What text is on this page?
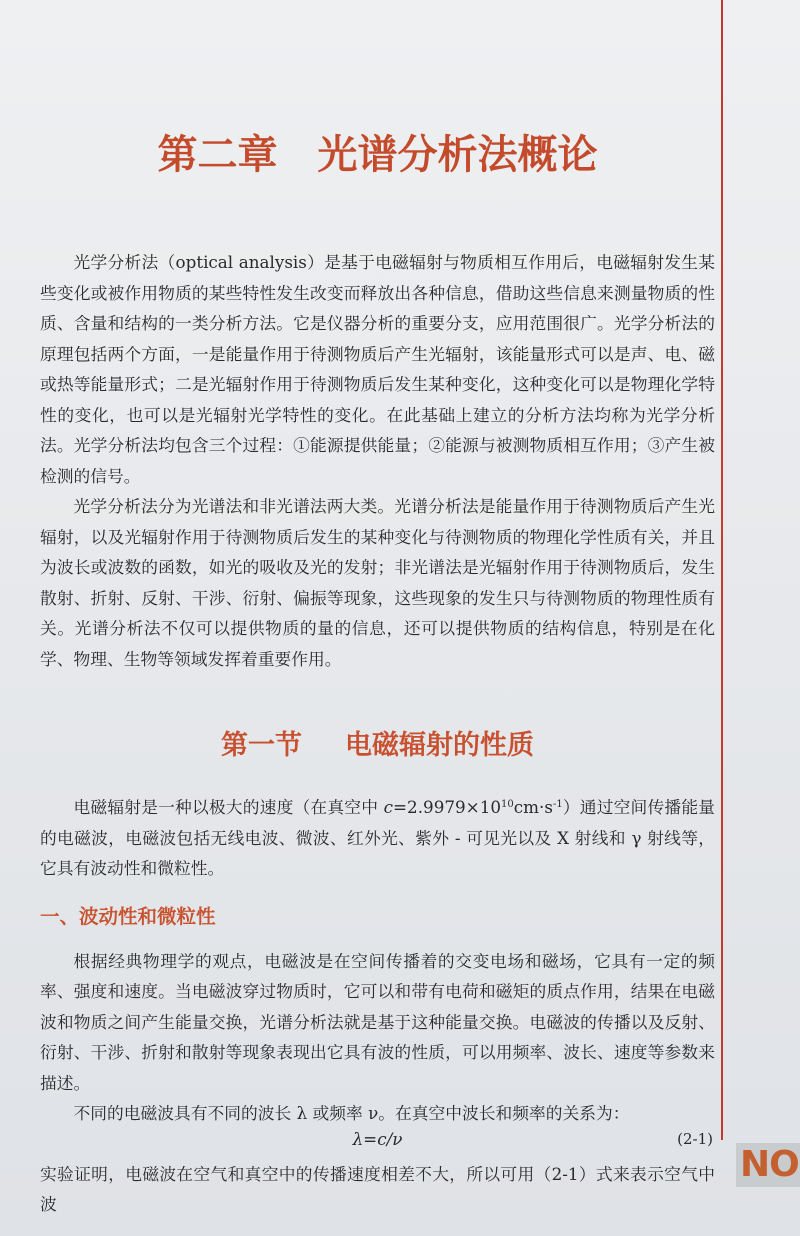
第二章 光谱分析法概论

光学分析法（optical analysis）是基于电磁辐射与物质相互作用后，电磁辐射发生某些变化或被作用物质的某些特性发生改变而释放出各种信息，借助这些信息来测量物质的性质、含量和结构的一类分析方法。它是仪器分析的重要分支，应用范围很广。光学分析法的原理包括两个方面，一是能量作用于待测物质后产生光辐射，该能量形式可以是声、电、磁或热等能量形式；二是光辐射作用于待测物质后发生某种变化，这种变化可以是物理化学特性的变化，也可以是光辐射光学特性的变化。在此基础上建立的分析方法均称为光学分析法。光学分析法均包含三个过程：①能源提供能量；②能源与被测物质相互作用；③产生被检测的信号。

光学分析法分为光谱法和非光谱法两大类。光谱分析法是能量作用于待测物质后产生光辐射，以及光辐射作用于待测物质后发生的某种变化与待测物质的物理化学性质有关，并且为波长或波数的函数，如光的吸收及光的发射；非光谱法是光辐射作用于待测物质后，发生散射、折射、反射、干涉、衍射、偏振等现象，这些现象的发生只与待测物质的物理性质有关。光谱分析法不仅可以提供物质的量的信息，还可以提供物质的结构信息，特别是在化学、物理、生物等领域发挥着重要作用。

第一节 电磁辐射的性质

电磁辐射是一种以极大的速度（在真空中 $c=2.9979\times 10^{10}cm\cdot s^{-1}$）通过空间传播能量的电磁波，电磁波包括无线电波、微波、红外光、紫外 - 可见光以及 X 射线和 γ 射线等，它具有波动性和微粒性。

一、波动性和微粒性

根据经典物理学的观点，电磁波是在空间传播着的交变电场和磁场，它具有一定的频率、强度和速度。当电磁波穿过物质时，它可以和带有电荷和磁矩的质点作用，结果在电磁波和物质之间产生能量交换，光谱分析法就是基于这种能量交换。电磁波的传播以及反射、衍射、干涉、折射和散射等现象表现出它具有波的性质，可以用频率、波长、速度等参数来描述。

不同的电磁波具有不同的波长 λ 或频率 ν。在真空中波长和频率的关系为：

λ=c/ν	(2-1)

实验证明，电磁波在空气和真空中的传播速度相差不大，所以可用（2-1）式来表示空气中波

NO
